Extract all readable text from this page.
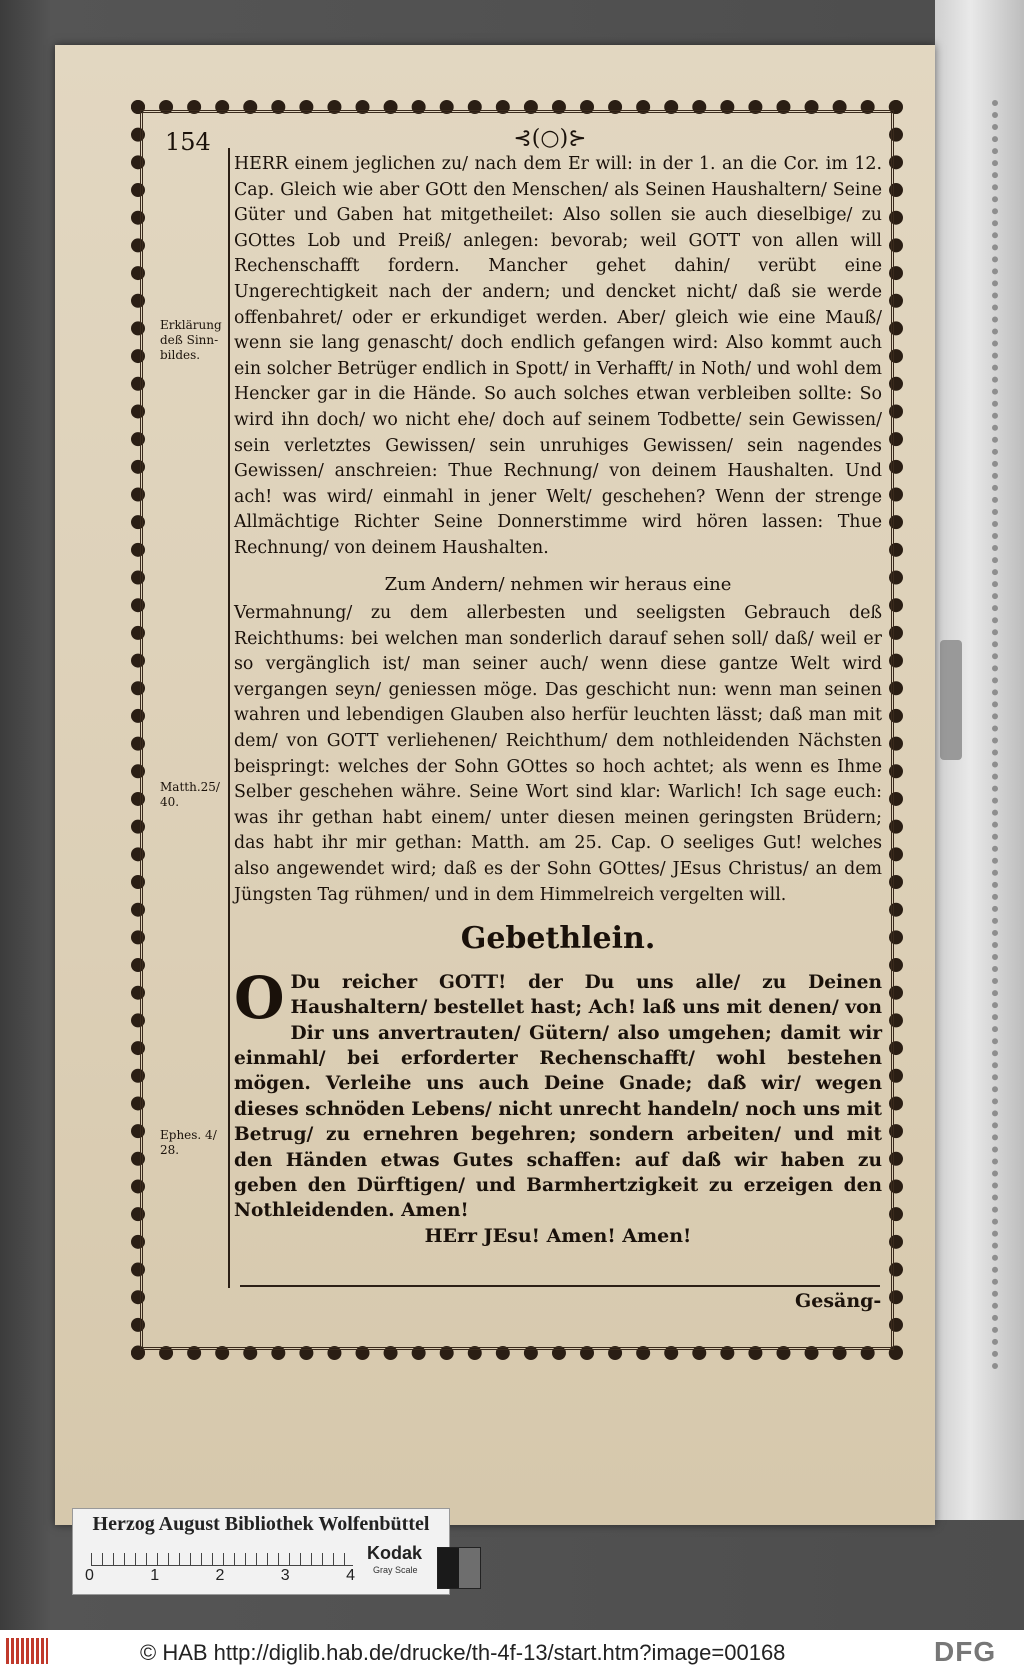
154	⊰(○)⊱
Erklärung deß Sinn-bildes.
Matth.25/ 40.
Ephes. 4/ 28.

HERR einem jeglichen zu/ nach dem Er will: in der 1. an die Cor. im 12. Cap. Gleich wie aber GOtt den Menschen/ als Seinen Haushaltern/ Seine Güter und Gaben hat mitgetheilet: Also sollen sie auch dieselbige/ zu GOttes Lob und Preiß/ anlegen: bevorab; weil GOTT von allen will Rechenschafft fordern. Mancher gehet dahin/ verübt eine Ungerechtigkeit nach der andern; und dencket nicht/ daß sie werde offenbahret/ oder er erkundiget werden. Aber/ gleich wie eine Mauß/ wenn sie lang genascht/ doch endlich gefangen wird: Also kommt auch ein solcher Betrüger endlich in Spott/ in Verhafft/ in Noth/ und wohl dem Hencker gar in die Hände. So auch solches etwan verbleiben sollte: So wird ihn doch/ wo nicht ehe/ doch auf seinem Todbette/ sein Gewissen/ sein verletztes Gewissen/ sein unruhiges Gewissen/ sein nagendes Gewissen/ anschreien: Thue Rechnung/ von deinem Haushalten. Und ach! was wird/ einmahl in jener Welt/ geschehen? Wenn der strenge Allmächtige Richter Seine Donnerstimme wird hören lassen: Thue Rechnung/ von deinem Haushalten.

Zum Andern/ nehmen wir heraus eine

Vermahnung/ zu dem allerbesten und seeligsten Gebrauch deß Reichthums: bei welchen man sonderlich darauf sehen soll/ daß/ weil er so vergänglich ist/ man seiner auch/ wenn diese gantze Welt wird vergangen seyn/ geniessen möge. Das geschicht nun: wenn man seinen wahren und lebendigen Glauben also herfür leuchten lässt; daß man mit dem/ von GOTT verliehenen/ Reichthum/ dem nothleidenden Nächsten beispringt: welches der Sohn GOttes so hoch achtet; als wenn es Ihme Selber geschehen währe. Seine Wort sind klar: Warlich! Ich sage euch: was ihr gethan habt einem/ unter diesen meinen geringsten Brüdern; das habt ihr mir gethan: Matth. am 25. Cap. O seeliges Gut! welches also angewendet wird; daß es der Sohn GOttes/ JEsus Christus/ an dem Jüngsten Tag rühmen/ und in dem Himmelreich vergelten will.

Gebethlein.
O Du reicher GOTT! der Du uns alle/ zu Deinen Haushaltern/ bestellet hast; Ach! laß uns mit denen/ von Dir uns anvertrauten/ Gütern/ also umgehen; damit wir einmahl/ bei erforderter Rechenschafft/ wohl bestehen mögen. Verleihe uns auch Deine Gnade; daß wir/ wegen dieses schnöden Lebens/ nicht unrecht handeln/ noch uns mit Betrug/ zu ernehren begehren; sondern arbeiten/ und mit den Händen etwas Gutes schaffen: auf daß wir haben zu geben den Dürftigen/ und Barmhertzigkeit zu erzeigen den Nothleidenden. Amen!
HErr JEsu! Amen! Amen!
Gesäng-
Herzog August Bibliothek Wolfenbüttel
0	1	2	3	4
Kodak
Gray Scale
© HAB http://diglib.hab.de/drucke/th-4f-13/start.htm?image=00168	DFG
